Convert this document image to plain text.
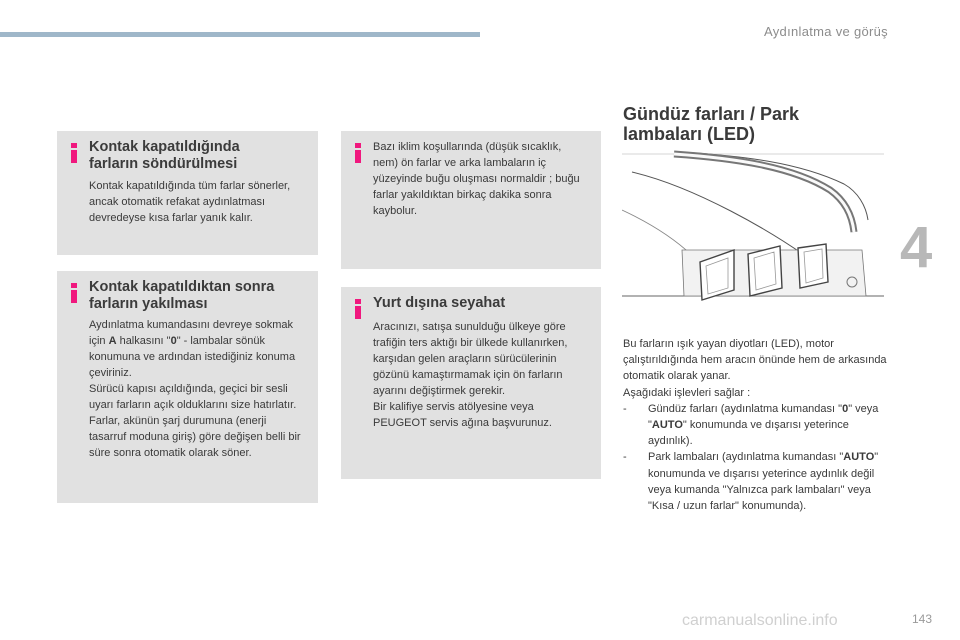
Aydınlatma ve görüş
4
Kontak kapatıldığında farların söndürülmesi

Kontak kapatıldığında tüm farlar sönerler, ancak otomatik refakat aydınlatması devredeyse kısa farlar yanık kalır.

Kontak kapatıldıktan sonra farların yakılması

Aydınlatma kumandasını devreye sokmak için A halkasını "0" - lambalar sönük konumuna ve ardından istediğiniz konuma çeviriniz.

Sürücü kapısı açıldığında, geçici bir sesli uyarı farların açık olduklarını size hatırlatır.

Farlar, akünün şarj durumuna (enerji tasarruf moduna giriş) göre değişen belli bir süre sonra otomatik olarak söner.

Bazı iklim koşullarında (düşük sıcaklık, nem) ön farlar ve arka lambaların iç yüzeyinde buğu oluşması normaldir ; buğu farlar yakıldıktan birkaç dakika sonra kaybolur.

Yurt dışına seyahat

Aracınızı, satışa sunulduğu ülkeye göre trafiğin ters aktığı bir ülkede kullanırken, karşıdan gelen araçların sürücülerinin gözünü kamaştırmamak için ön farların ayarını değiştirmek gerekir.

Bir kalifiye servis atölyesine veya PEUGEOT servis ağına başvurunuz.

Gündüz farları / Park
lambaları (LED)

Bu farların ışık yayan diyotları (LED), motor çalıştırıldığında hem aracın önünde hem de arkasında otomatik olarak yanar.

Aşağıdaki işlevleri sağlar :

- Gündüz farları (aydınlatma kumandası "0" veya "AUTO" konumunda ve dışarısı yeterince aydınlık).
- Park lambaları (aydınlatma kumandası "AUTO" konumunda ve dışarısı yeterince aydınlık değil veya kumanda "Yalnızca park lambaları" veya "Kısa / uzun farlar" konumunda).
carmanualsonline.info	143
